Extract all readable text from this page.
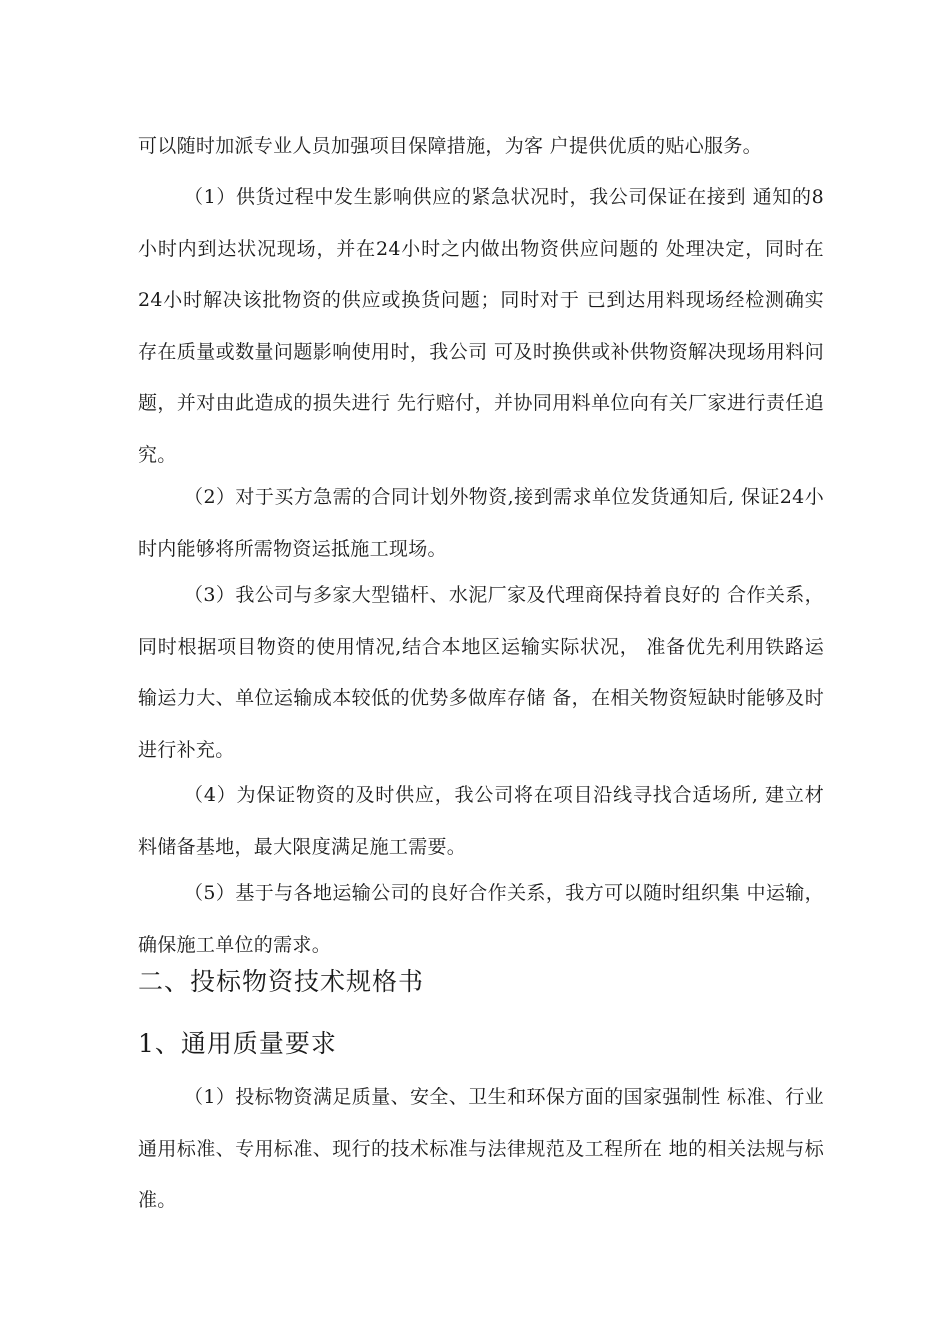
可以随时加派专业人员加强项目保障措施，为客 户提供优质的贴心服务。

（1）供货过程中发生影响供应的紧急状况时，我公司保证在接到 通知的8小时内到达状况现场，并在24小时之内做出物资供应问题的 处理决定，同时在24小时解决该批物资的供应或换货问题；同时对于 已到达用料现场经检测确实存在质量或数量问题影响使用时，我公司 可及时换供或补供物资解决现场用料问题，并对由此造成的损失进行 先行赔付，并协同用料单位向有关厂家进行责任追究。

（2）对于买方急需的合同计划外物资,接到需求单位发货通知后, 保证24小时内能够将所需物资运抵施工现场。

（3）我公司与多家大型锚杆、水泥厂家及代理商保持着良好的 合作关系，同时根据项目物资的使用情况,结合本地区运输实际状况， 准备优先利用铁路运输运力大、单位运输成本较低的优势多做库存储 备，在相关物资短缺时能够及时进行补充。

（4）为保证物资的及时供应，我公司将在项目沿线寻找合适场所, 建立材料储备基地，最大限度满足施工需要。

（5）基于与各地运输公司的良好合作关系，我方可以随时组织集 中运输，确保施工单位的需求。

二、投标物资技术规格书
1、通用质量要求

（1）投标物资满足质量、安全、卫生和环保方面的国家强制性 标准、行业通用标准、专用标准、现行的技术标准与法律规范及工程所在 地的相关法规与标准。
